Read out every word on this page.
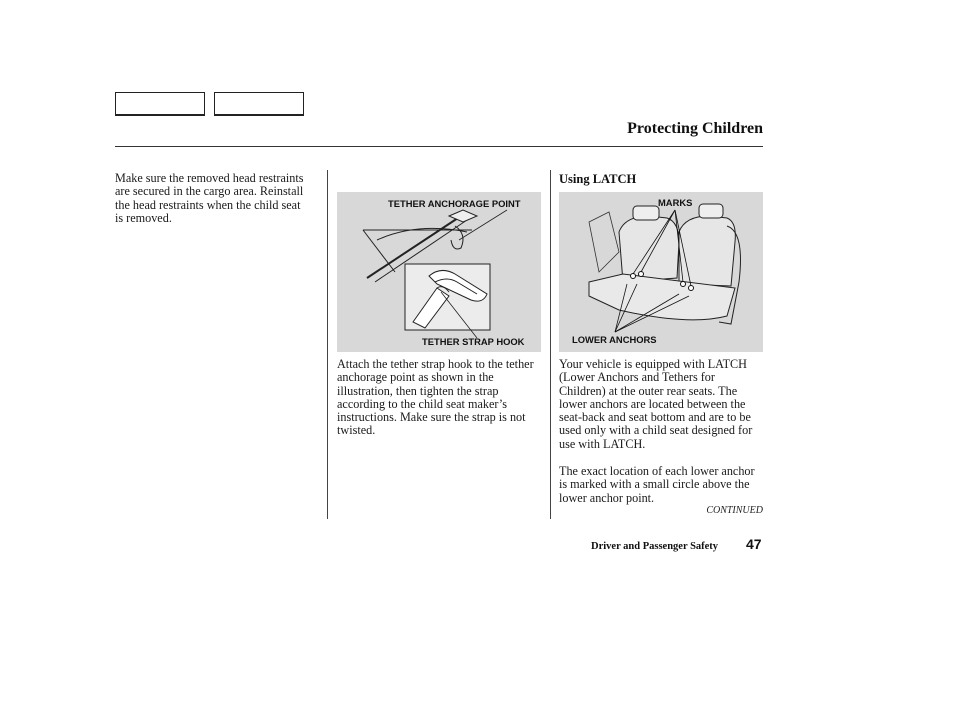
Protecting Children

Make sure the removed head restraints are secured in the cargo area. Reinstall the head restraints when the child seat is removed.

TETHER ANCHORAGE POINT
TETHER STRAP HOOK

Attach the tether strap hook to the tether anchorage point as shown in the illustration, then tighten the strap according to the child seat maker’s instructions. Make sure the strap is not twisted.

Using LATCH
MARKS
LOWER ANCHORS

Your vehicle is equipped with LATCH (Lower Anchors and Tethers for Children) at the outer rear seats. The lower anchors are located between the seat-back and seat bottom and are to be used only with a child seat designed for use with LATCH.

The exact location of each lower anchor is marked with a small circle above the lower anchor point.

CONTINUED
Driver and Passenger Safety 47
